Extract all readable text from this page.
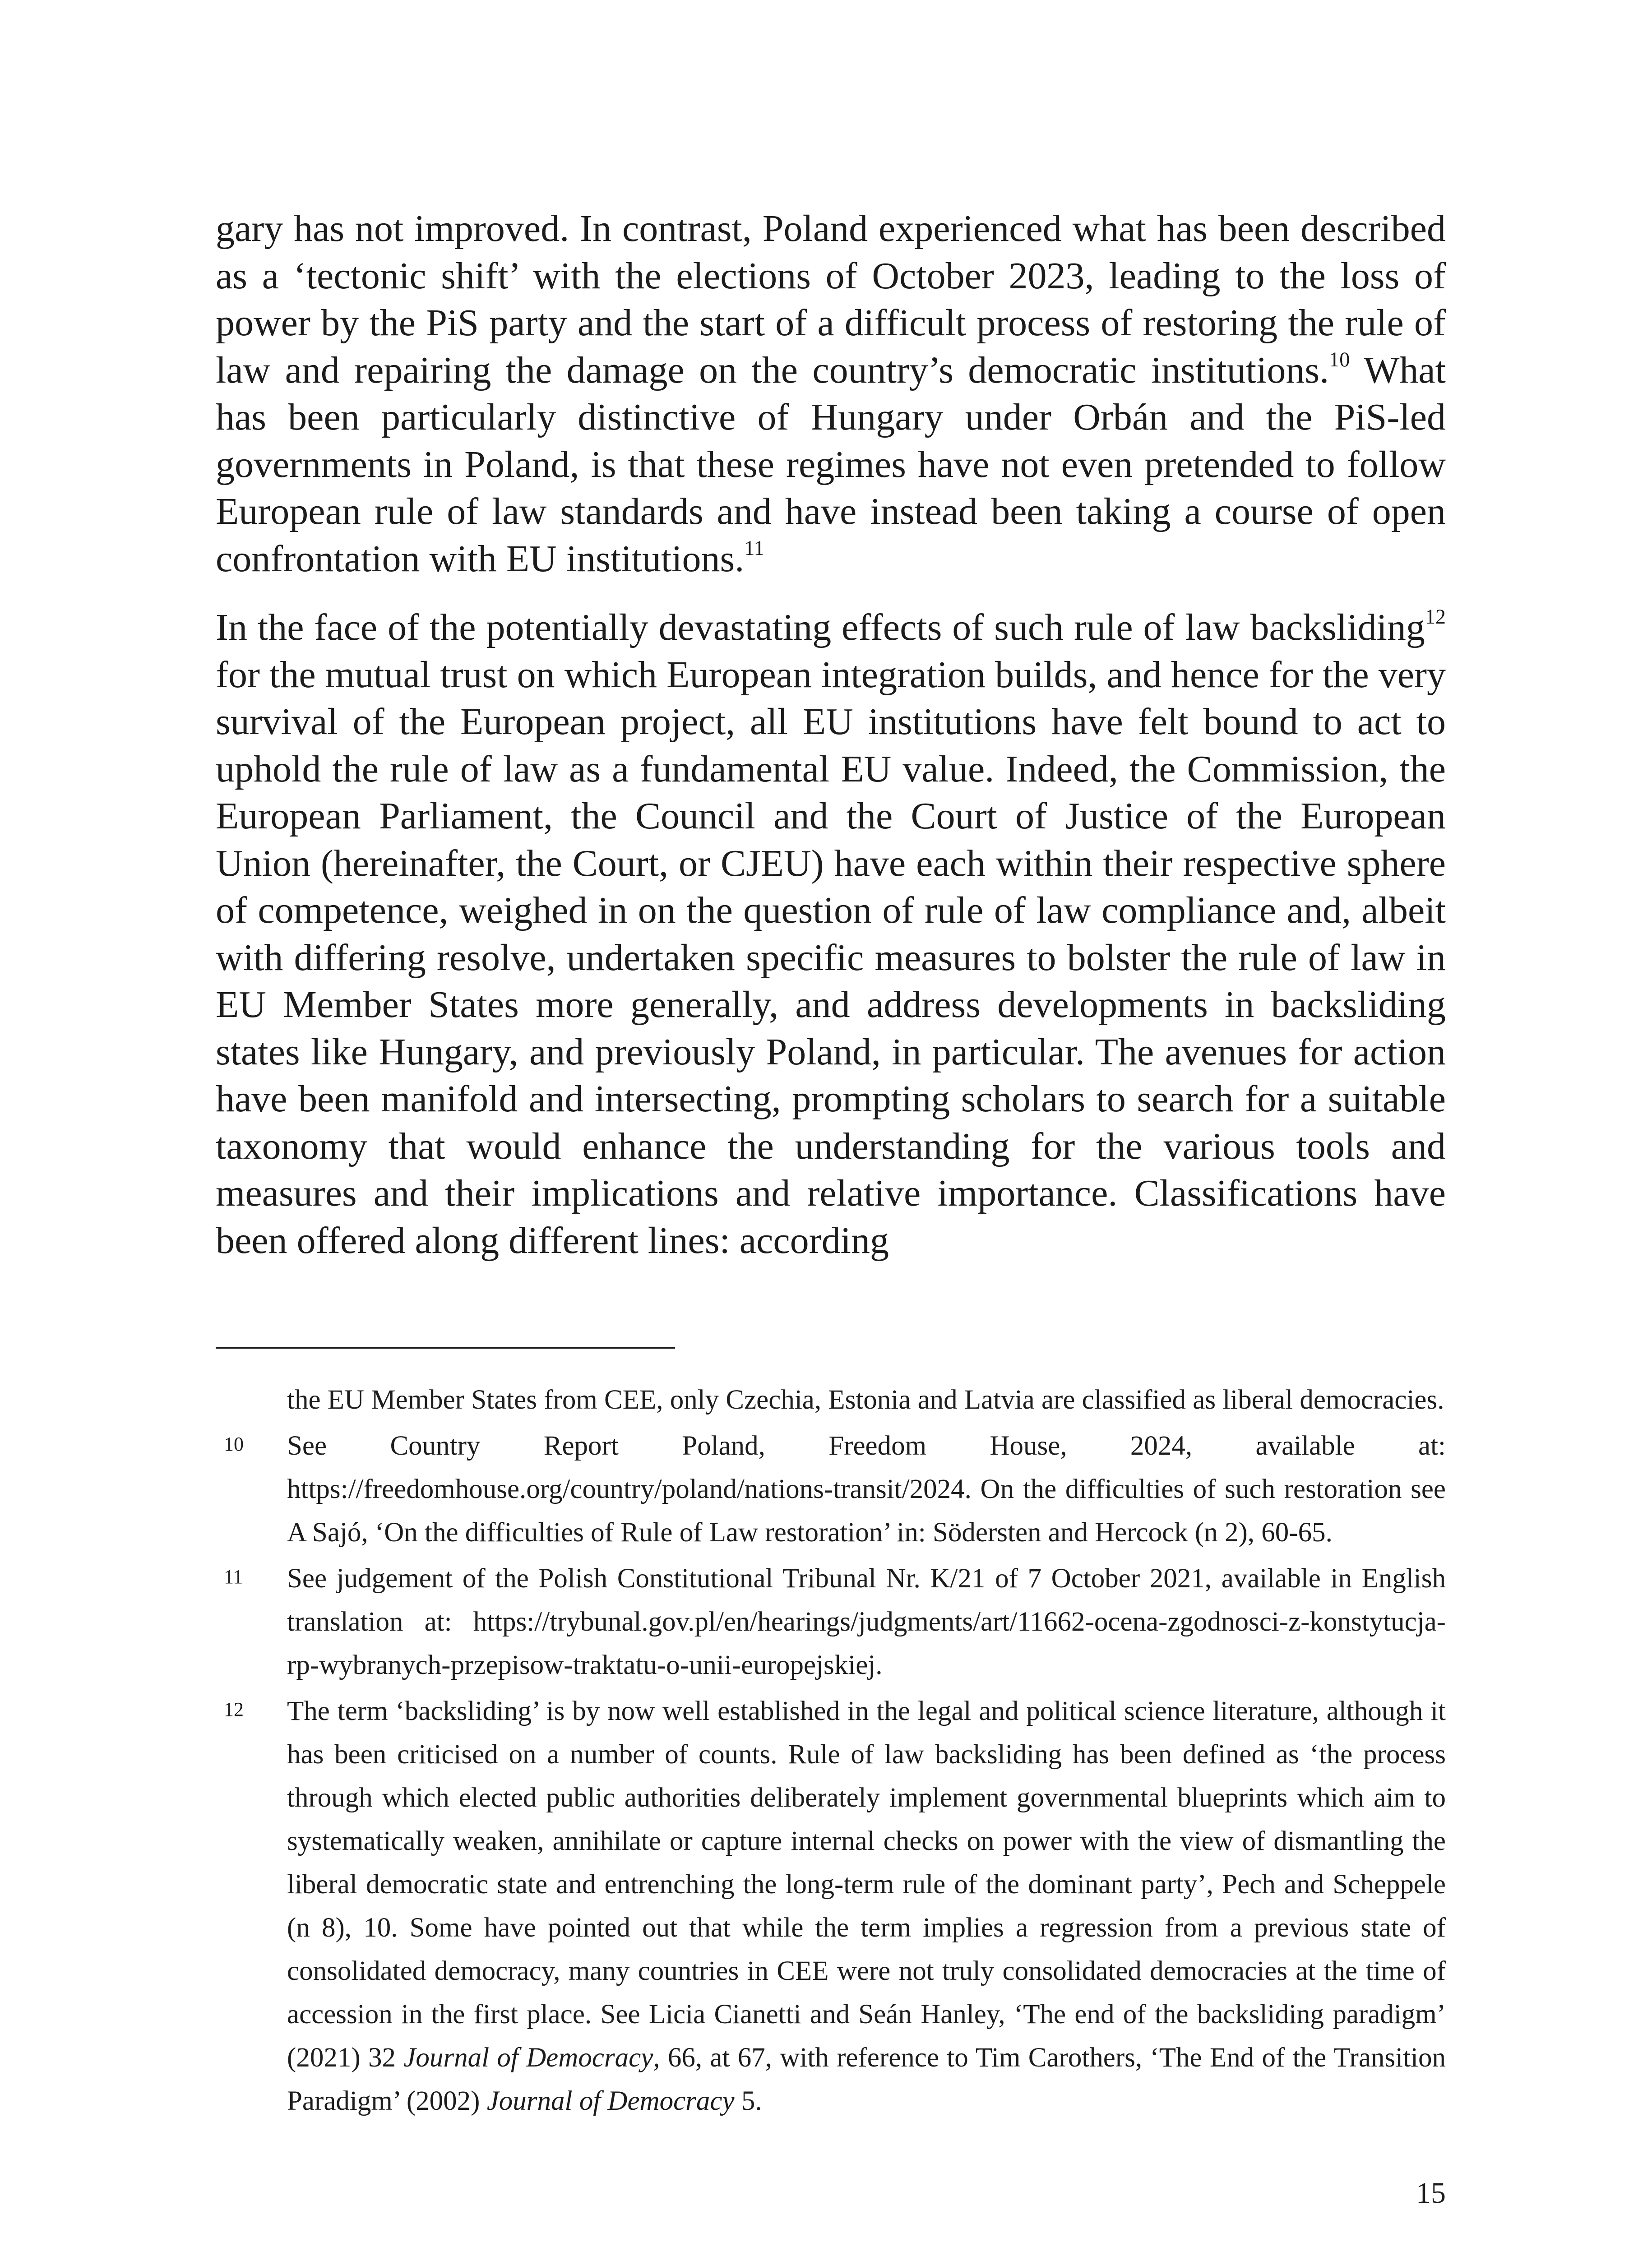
gary has not improved. In contrast, Poland experienced what has been described as a ‘tectonic shift’ with the elections of October 2023, leading to the loss of power by the PiS party and the start of a difficult process of restoring the rule of law and repairing the damage on the country’s democratic institutions.$^{10}$ What has been particularly distinctive of Hungary under Orbán and the PiS-led governments in Poland, is that these regimes have not even pretended to follow European rule of law standards and have instead been taking a course of open confrontation with EU institutions.$^{11}$

In the face of the potentially devastating effects of such rule of law backsliding$^{12}$ for the mutual trust on which European integration builds, and hence for the very survival of the European project, all EU institutions have felt bound to act to uphold the rule of law as a fundamental EU value. Indeed, the Commission, the European Parliament, the Council and the Court of Justice of the European Union (hereinafter, the Court, or CJEU) have each within their respective sphere of competence, weighed in on the question of rule of law compliance and, albeit with differing resolve, undertaken specific measures to bolster the rule of law in EU Member States more generally, and address developments in backsliding states like Hungary, and previously Poland, in particular. The avenues for action have been manifold and intersecting, prompting scholars to search for a suitable taxonomy that would enhance the understanding for the various tools and measures and their implications and relative importance. Classifications have been offered along different lines: according

the EU Member States from CEE, only Czechia, Estonia and Latvia are classified as liberal democracies.
10 See Country Report Poland, Freedom House, 2024, available at: https://freedomhouse.org/country/poland/nations-transit/2024. On the difficulties of such restoration see A Sajó, ‘On the difficulties of Rule of Law restoration’ in: Södersten and Hercock (n 2), 60-65.
11 See judgement of the Polish Constitutional Tribunal Nr. K/21 of 7 October 2021, available in English translation at: https://trybunal.gov.pl/en/hearings/judgments/art/11662-ocena-zgodnosci-z-konstytucja-rp-wybranych-przepisow-traktatu-o-unii-europejskiej.
12 The term ‘backsliding’ is by now well established in the legal and political science literature, although it has been criticised on a number of counts. Rule of law backsliding has been defined as ‘the process through which elected public authorities deliberately implement governmental blueprints which aim to systematically weaken, annihilate or capture internal checks on power with the view of dismantling the liberal democratic state and entrenching the long-term rule of the dominant party’, Pech and Scheppele (n 8), 10. Some have pointed out that while the term implies a regression from a previous state of consolidated democracy, many countries in CEE were not truly consolidated democracies at the time of accession in the first place. See Licia Cianetti and Seán Hanley, ‘The end of the backsliding paradigm’ (2021) 32 Journal of Democracy, 66, at 67, with reference to Tim Carothers, ‘The End of the Transition Paradigm’ (2002) Journal of Democracy 5.
15
